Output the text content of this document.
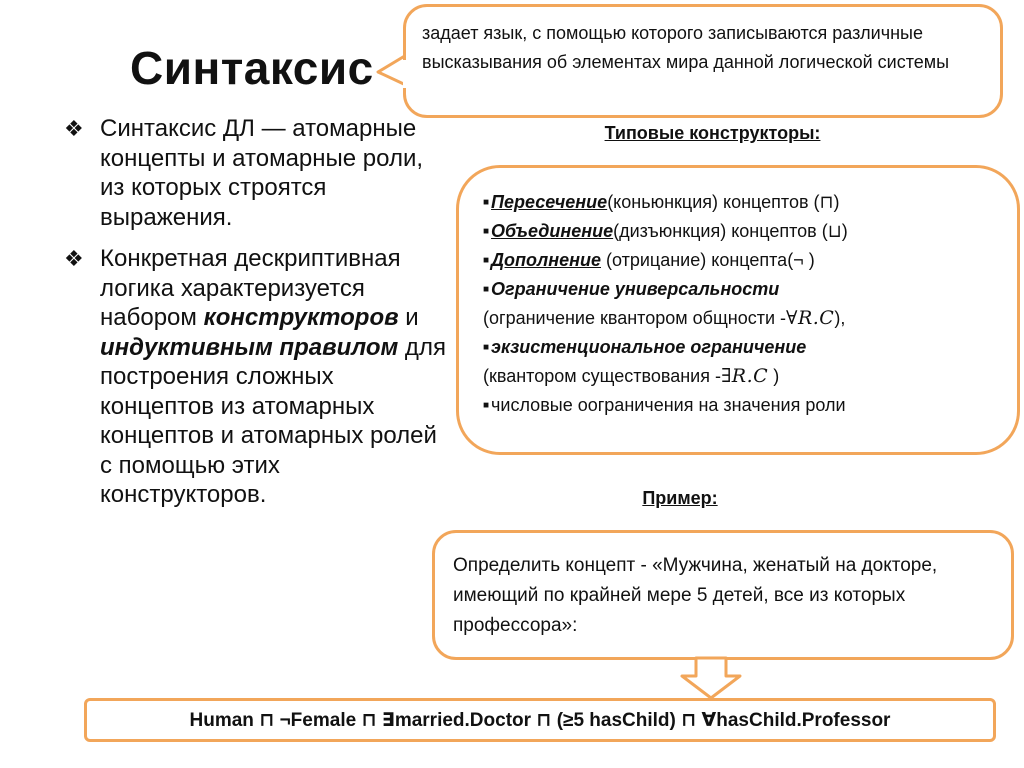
Синтаксис
задает язык, с помощью которого записываются различные высказывания об элементах мира данной логической системы
❖ Синтаксис ДЛ — атомарные концепты и атомарные роли, из которых строятся выражения.
❖ Конкретная дескриптивная логика характеризуется набором конструкторов и индуктивным правилом для построения сложных концептов из атомарных концептов и атомарных ролей с помощью этих конструкторов.
Типовые конструкторы:
■ Пересечение(коньюнкция) концептов (⊓)
■ Объединение(дизъюнкция) концептов (⊔)
■ Дополнение (отрицание) концепта(¬ )
■ Ограничение универсальности
(ограничение квантором общности -∀R.C),
■ экзистенциональное ограничение
(квантором существования -∃R.C )
■ числовые оограничения на значения роли
Пример:
Определить концепт - «Мужчина, женатый на докторе, имеющий по крайней мере 5 детей, все из которых профессора»:
Human ⊓ ¬Female ⊓ ∃married.Doctor ⊓ (≥5 hasChild) ⊓ ∀hasChild.Professor
